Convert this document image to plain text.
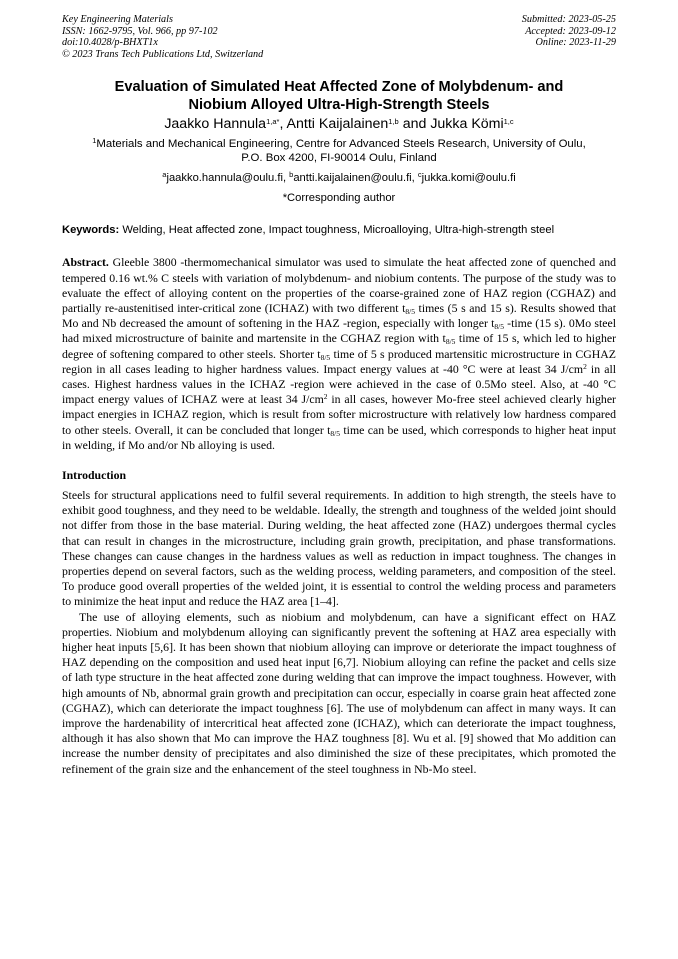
Key Engineering Materials
ISSN: 1662-9795, Vol. 966, pp 97-102
doi:10.4028/p-BHXT1x
© 2023 Trans Tech Publications Ltd, Switzerland
Submitted: 2023-05-25
Accepted: 2023-09-12
Online: 2023-11-29
Evaluation of Simulated Heat Affected Zone of Molybdenum- and
Niobium Alloyed Ultra-High-Strength Steels
Jaakko Hannula$^{1,a*}$, Antti Kaijalainen$^{1,b}$ and Jukka Kömi$^{1,c}$
$^1$Materials and Mechanical Engineering, Centre for Advanced Steels Research, University of Oulu,
P.O. Box 4200, FI-90014 Oulu, Finland
$^a$jaakko.hannula@oulu.fi, $^b$antti.kaijalainen@oulu.fi, $^c$jukka.komi@oulu.fi
*Corresponding author
Keywords: Welding, Heat affected zone, Impact toughness, Microalloying, Ultra-high-strength steel
Abstract. Gleeble 3800 -thermomechanical simulator was used to simulate the heat affected zone of quenched and tempered 0.16 wt.% C steels with variation of molybdenum- and niobium contents. The purpose of the study was to evaluate the effect of alloying content on the properties of the coarse-grained zone of HAZ region (CGHAZ) and partially re-austenitised inter-critical zone (ICHAZ) with two different $t_{8/5}$ times (5 s and 15 s). Results showed that Mo and Nb decreased the amount of softening in the HAZ -region, especially with longer $t_{8/5}$ -time (15 s). 0Mo steel had mixed microstructure of bainite and martensite in the CGHAZ region with $t_{8/5}$ time of 15 s, which led to higher degree of softening compared to other steels. Shorter $t_{8/5}$ time of 5 s produced martensitic microstructure in CGHAZ region in all cases leading to higher hardness values. Impact energy values at -40 °C were at least 34 $J/cm^2$ in all cases. Highest hardness values in the ICHAZ -region were achieved in the case of 0.5Mo steel. Also, at -40 °C impact energy values of ICHAZ were at least 34 $J/cm^2$ in all cases, however Mo-free steel achieved clearly higher impact energies in ICHAZ region, which is result from softer microstructure with relatively low hardness compared to other steels. Overall, it can be concluded that longer $t_{8/5}$ time can be used, which corresponds to higher heat input in welding, if Mo and/or Nb alloying is used.
Introduction

Steels for structural applications need to fulfil several requirements. In addition to high strength, the steels have to exhibit good toughness, and they need to be weldable. Ideally, the strength and toughness of the welded joint should not differ from those in the base material. During welding, the heat affected zone (HAZ) undergoes thermal cycles that can result in changes in the microstructure, including grain growth, precipitation, and phase transformations. These changes can cause changes in the hardness values as well as reduction in impact toughness. The changes in properties depend on several factors, such as the welding process, welding parameters, and composition of the steel. To produce good overall properties of the welded joint, it is essential to control the welding process and parameters to minimize the heat input and reduce the HAZ area [1–4].

The use of alloying elements, such as niobium and molybdenum, can have a significant effect on HAZ properties. Niobium and molybdenum alloying can significantly prevent the softening at HAZ area especially with higher heat inputs [5,6]. It has been shown that niobium alloying can improve or deteriorate the impact toughness of HAZ depending on the composition and used heat input [6,7]. Niobium alloying can refine the packet and cells size of lath type structure in the heat affected zone during welding that can improve the impact toughness. However, with high amounts of Nb, abnormal grain growth and precipitation can occur, especially in coarse grain heat affected zone (CGHAZ), which can deteriorate the impact toughness [6]. The use of molybdenum can affect in many ways. It can improve the hardenability of intercritical heat affected zone (ICHAZ), which can deteriorate the impact toughness, although it has also shown that Mo can improve the HAZ toughness [8]. Wu et al. [9] showed that Mo addition can increase the number density of precipitates and also diminished the size of these precipitates, which promoted the refinement of the grain size and the enhancement of the steel toughness in Nb-Mo steel.
